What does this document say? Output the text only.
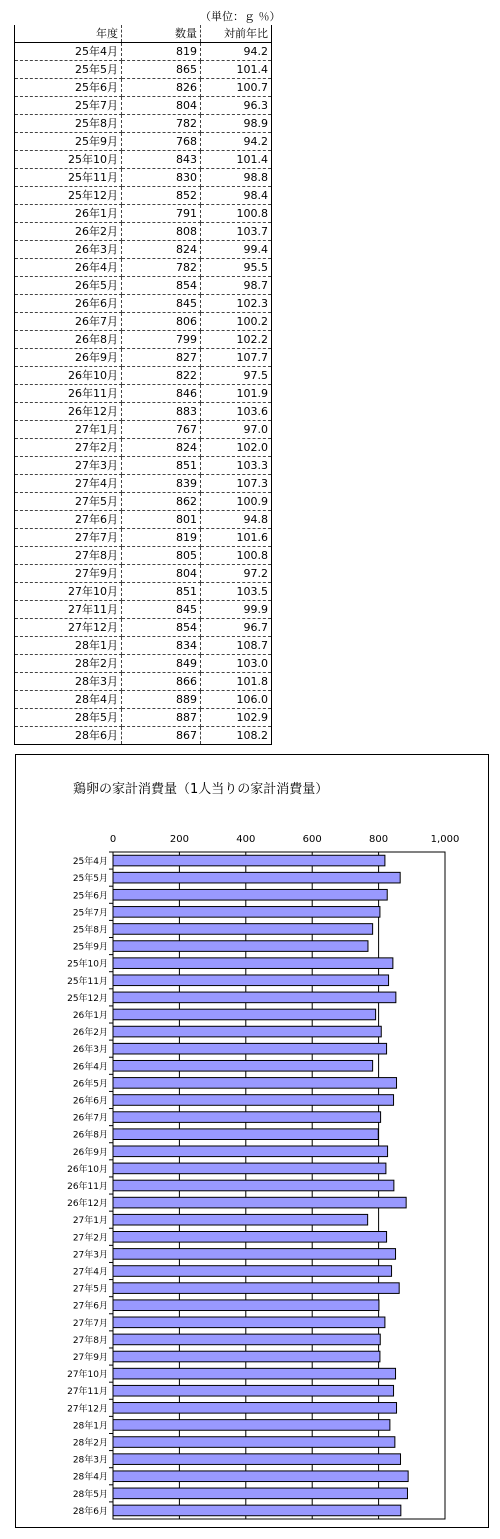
（単位：ｇ ％）
年度	数量	対前年比
25年4月	819	94.2
25年5月	865	101.4
25年6月	826	100.7
25年7月	804	96.3
25年8月	782	98.9
25年9月	768	94.2
25年10月	843	101.4
25年11月	830	98.8
25年12月	852	98.4
26年1月	791	100.8
26年2月	808	103.7
26年3月	824	99.4
26年4月	782	95.5
26年5月	854	98.7
26年6月	845	102.3
26年7月	806	100.2
26年8月	799	102.2
26年9月	827	107.7
26年10月	822	97.5
26年11月	846	101.9
26年12月	883	103.6
27年1月	767	97.0
27年2月	824	102.0
27年3月	851	103.3
27年4月	839	107.3
27年5月	862	100.9
27年6月	801	94.8
27年7月	819	101.6
27年8月	805	100.8
27年9月	804	97.2
27年10月	851	103.5
27年11月	845	99.9
27年12月	854	96.7
28年1月	834	108.7
28年2月	849	103.0
28年3月	866	101.8
28年4月	889	106.0
28年5月	887	102.9
28年6月	867	108.2
鶏卵の家計消費量（1人当りの家計消費量）
0	200	400	600	800	1,000
25年4月
25年5月
25年6月
25年7月
25年8月
25年9月
25年10月
25年11月
25年12月
26年1月
26年2月
26年3月
26年4月
26年5月
26年6月
26年7月
26年8月
26年9月
26年10月
26年11月
26年12月
27年1月
27年2月
27年3月
27年4月
27年5月
27年6月
27年7月
27年8月
27年9月
27年10月
27年11月
27年12月
28年1月
28年2月
28年3月
28年4月
28年5月
28年6月
